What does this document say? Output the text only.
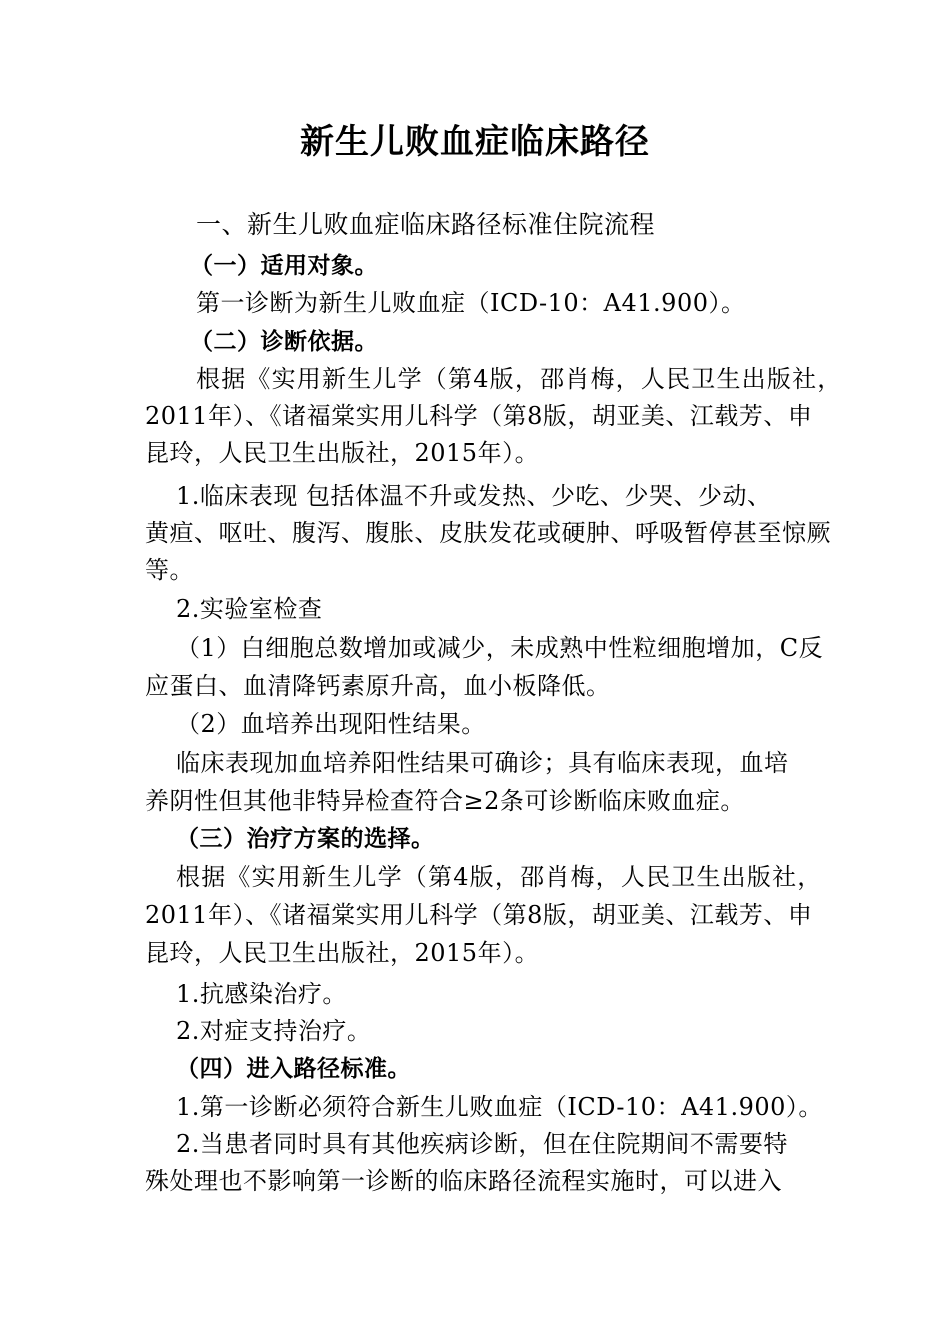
新生儿败血症临床路径
一、新生儿败血症临床路径标准住院流程
（一）适用对象。
第一诊断为新生儿败血症（ICD-10：A41.900）。
（二）诊断依据。
根据《实用新生儿学（第4版，邵肖梅，人民卫生出版社，
2011年）、《诸福棠实用儿科学（第8版，胡亚美、江载芳、申
昆玲，人民卫生出版社，2015年）。
1.临床表现 包括体温不升或发热、少吃、少哭、少动、
黄疸、呕吐、腹泻、腹胀、皮肤发花或硬肿、呼吸暂停甚至惊厥
等。
2.实验室检查
（1）白细胞总数增加或减少，未成熟中性粒细胞增加，C反
应蛋白、血清降钙素原升高，血小板降低。
（2）血培养出现阳性结果。
临床表现加血培养阳性结果可确诊；具有临床表现，血培
养阴性但其他非特异检查符合≥2条可诊断临床败血症。
（三）治疗方案的选择。
根据《实用新生儿学（第4版，邵肖梅，人民卫生出版社，
2011年）、《诸福棠实用儿科学（第8版，胡亚美、江载芳、申
昆玲，人民卫生出版社，2015年）。
1.抗感染治疗。
2.对症支持治疗。
（四）进入路径标准。
1.第一诊断必须符合新生儿败血症（ICD-10：A41.900）。
2.当患者同时具有其他疾病诊断，但在住院期间不需要特
殊处理也不影响第一诊断的临床路径流程实施时，可以进入
